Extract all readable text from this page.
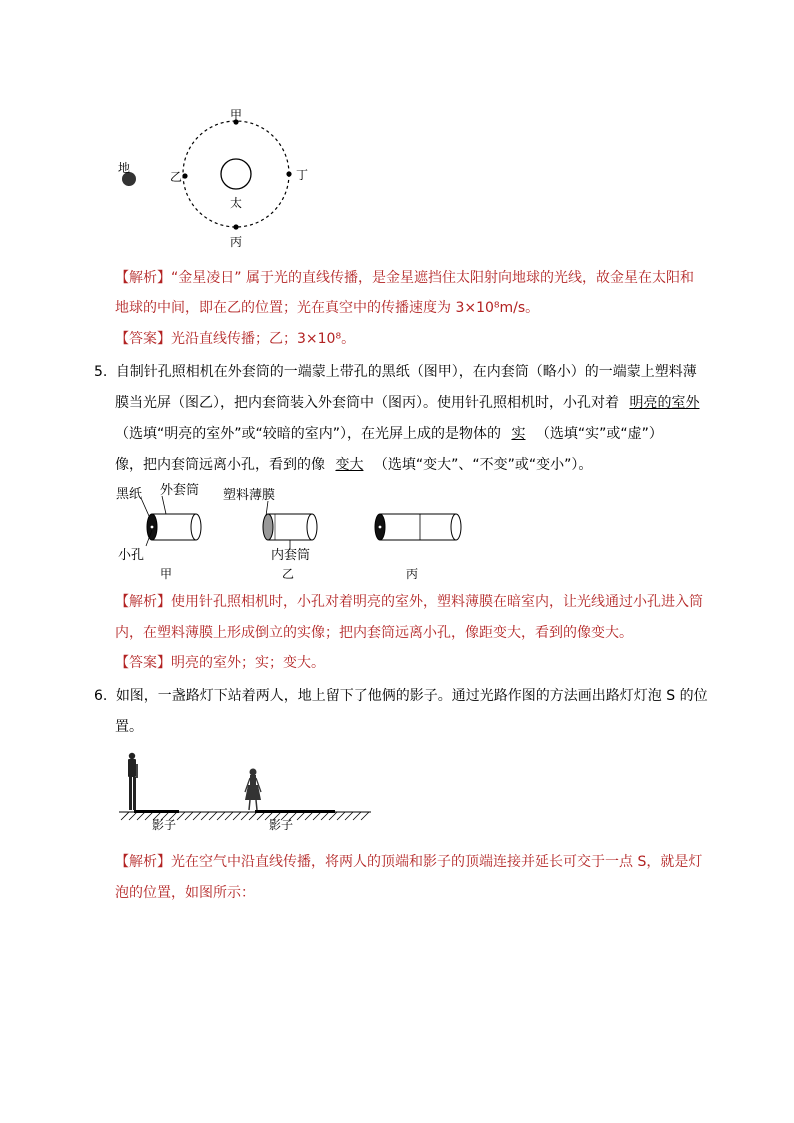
地
太
甲
乙	丁
丙
【解析】“金星凌日” 属于光的直线传播，是金星遮挡住太阳射向地球的光线，故金星在太阳和
地球的中间，即在乙的位置；光在真空中的传播速度为 3×10⁸m/s。
【答案】光沿直线传播；乙；3×10⁸。
5. 自制针孔照相机在外套筒的一端蒙上带孔的黑纸（图甲），在内套筒（略小）的一端蒙上塑料薄
膜当光屏（图乙），把内套筒装入外套筒中（图丙）。使用针孔照相机时，小孔对着 明亮的室外
（选填“明亮的室外”或“较暗的室内”），在光屏上成的是物体的 实 （选填“实”或“虚”）
像，把内套筒远离小孔，看到的像 变大 （选填“变大”、“不变”或“变小”）。
黑纸 外套筒 塑料薄膜
小孔	内套筒
甲	乙	丙
【解析】使用针孔照相机时，小孔对着明亮的室外，塑料薄膜在暗室内，让光线通过小孔进入筒
内，在塑料薄膜上形成倒立的实像；把内套筒远离小孔，像距变大，看到的像变大。
【答案】明亮的室外；实；变大。
6. 如图，一盏路灯下站着两人，地上留下了他俩的影子。通过光路作图的方法画出路灯灯泡 S 的位
置。
影子	影子
【解析】光在空气中沿直线传播，将两人的顶端和影子的顶端连接并延长可交于一点 S，就是灯
泡的位置，如图所示：
